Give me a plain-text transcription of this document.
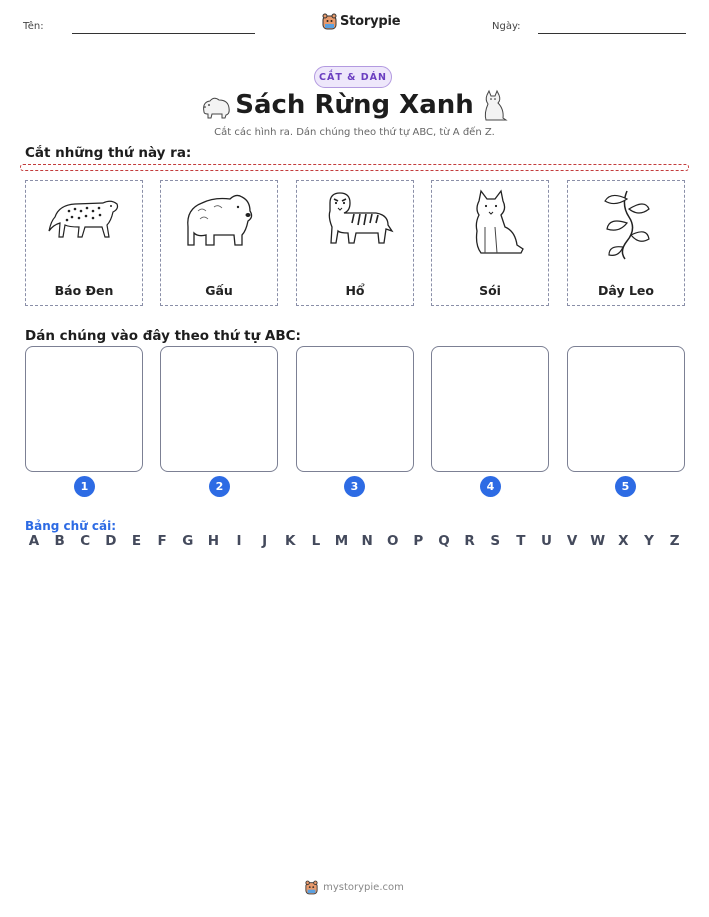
Tên:	Storypie	Ngày:
CẮT & DÁN
Sách Rừng Xanh
Cắt các hình ra. Dán chúng theo thứ tự ABC, từ A đến Z.
Cắt những thứ này ra:
Báo Đen	Gấu	Hổ	Sói	Dây Leo
Dán chúng vào đây theo thứ tự ABC:
1	2	3	4	5
Bảng chữ cái:
A B C D	E	F	G H	I	J	K	L	M N O P Q R	S	T	U V W X	Y	Z
mystorypie.com
